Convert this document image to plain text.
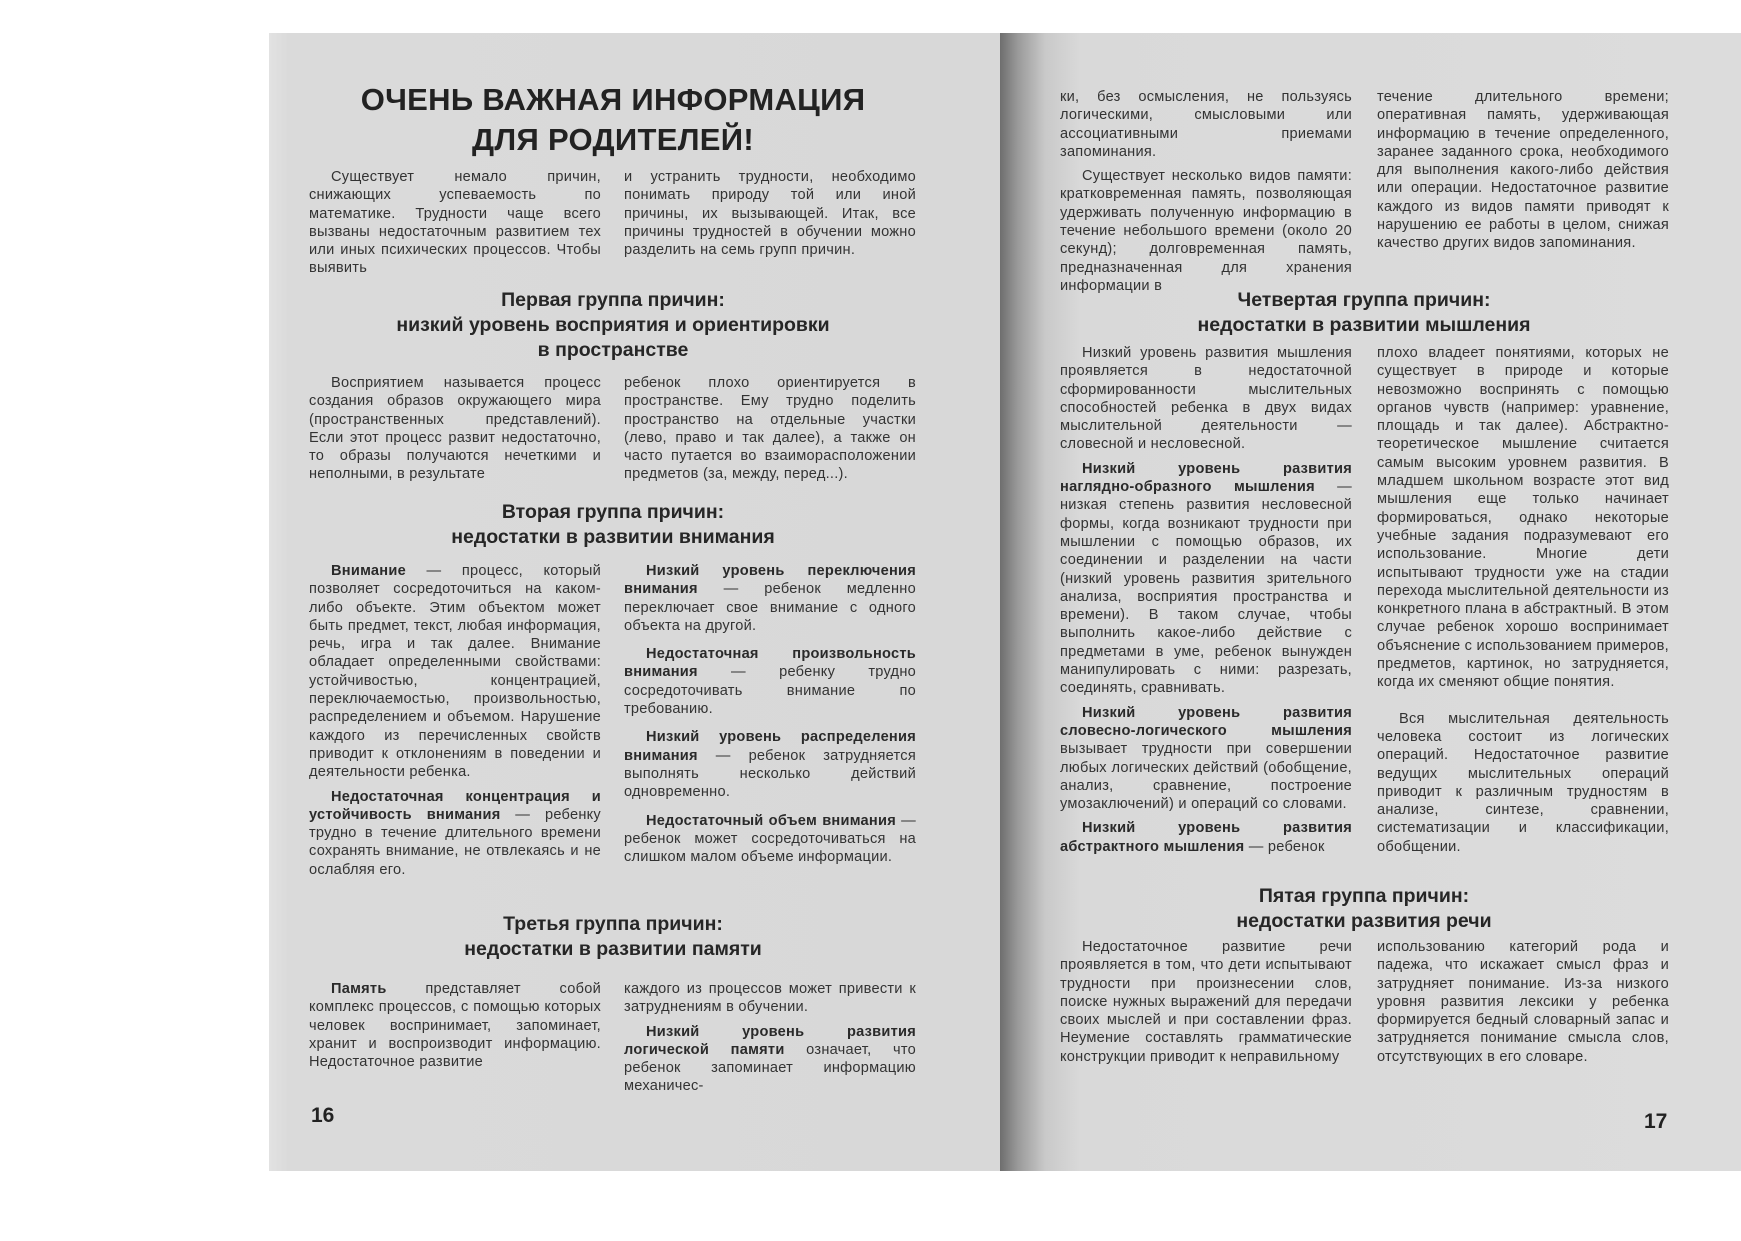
ОЧЕНЬ ВАЖНАЯ ИНФОРМАЦИЯ
ДЛЯ РОДИТЕЛЕЙ!

Существует немало причин, снижающих успеваемость по математике. Трудности чаще всего вызваны недостаточным развитием тех или иных психических процессов. Чтобы выявить

и устранить трудности, необходимо понимать природу той или иной причины, их вызывающей. Итак, все причины трудностей в обучении можно разделить на семь групп причин.

Первая группа причин:
низкий уровень восприятия и ориентировки
в пространстве

Восприятием называется процесс создания образов окружающего мира (пространственных представлений). Если этот процесс развит недостаточно, то образы получаются нечеткими и неполными, в результате

ребенок плохо ориентируется в пространстве. Ему трудно поделить пространство на отдельные участки (лево, право и так далее), а также он часто путается во взаиморасположении предметов (за, между, перед...).

Вторая группа причин:
недостатки в развитии внимания

Внимание — процесс, который позволяет сосредоточиться на каком-либо объекте. Этим объектом может быть предмет, текст, любая информация, речь, игра и так далее. Внимание обладает определенными свойствами: устойчивостью, концентрацией, переключаемостью, произвольностью, распределением и объемом. Нарушение каждого из перечисленных свойств приводит к отклонениям в поведении и деятельности ребенка.

Недостаточная концентрация и устойчивость внимания — ребенку трудно в течение длительного времени сохранять внимание, не отвлекаясь и не ослабляя его.

Низкий уровень переключения внимания — ребенок медленно переключает свое внимание с одного объекта на другой.

Недостаточная произвольность внимания — ребенку трудно сосредоточивать внимание по требованию.

Низкий уровень распределения внимания — ребенок затрудняется выполнять несколько действий одновременно.

Недостаточный объем внимания — ребенок может сосредоточиваться на слишком малом объеме информации.

Третья группа причин:
недостатки в развитии памяти

Память представляет собой комплекс процессов, с помощью которых человек воспринимает, запоминает, хранит и воспроизводит информацию. Недостаточное развитие

каждого из процессов может привести к затруднениям в обучении.

Низкий уровень развития логической памяти означает, что ребенок запоминает информацию механичес-

16

ки, без осмысления, не пользуясь логическими, смысловыми или ассоциативными приемами запоминания.

Существует несколько видов памяти: кратковременная память, позволяющая удерживать полученную информацию в течение небольшого времени (около 20 секунд); долговременная память, предназначенная для хранения информации в

течение длительного времени; оперативная память, удерживающая информацию в течение определенного, заранее заданного срока, необходимого для выполнения какого-либо действия или операции. Недостаточное развитие каждого из видов памяти приводят к нарушению ее работы в целом, снижая качество других видов запоминания.

Четвертая группа причин:
недостатки в развитии мышления

Низкий уровень развития мышления проявляется в недостаточной сформированности мыслительных способностей ребенка в двух видах мыслительной деятельности — словесной и несловесной.

Низкий уровень развития наглядно-образного мышления — низкая степень развития несловесной формы, когда возникают трудности при мышлении с помощью образов, их соединении и разделении на части (низкий уровень развития зрительного анализа, восприятия пространства и времени). В таком случае, чтобы выполнить какое-либо действие с предметами в уме, ребенок вынужден манипулировать с ними: разрезать, соединять, сравнивать.

Низкий уровень развития словесно-логического мышления вызывает трудности при совершении любых логических действий (обобщение, анализ, сравнение, построение умозаключений) и операций со словами.

Низкий уровень развития абстрактного мышления — ребенок

плохо владеет понятиями, которых не существует в природе и которые невозможно воспринять с помощью органов чувств (например: уравнение, площадь и так далее). Абстрактно-теоретическое мышление считается самым высоким уровнем развития. В младшем школьном возрасте этот вид мышления еще только начинает формироваться, однако некоторые учебные задания подразумевают его использование. Многие дети испытывают трудности уже на стадии перехода мыслительной деятельности из конкретного плана в абстрактный. В этом случае ребенок хорошо воспринимает объяснение с использованием примеров, предметов, картинок, но затрудняется, когда их сменяют общие понятия.

Вся мыслительная деятельность человека состоит из логических операций. Недостаточное развитие ведущих мыслительных операций приводит к различным трудностям в анализе, синтезе, сравнении, систематизации и классификации, обобщении.

Пятая группа причин:
недостатки развития речи

Недостаточное развитие речи проявляется в том, что дети испытывают трудности при произнесении слов, поиске нужных выражений для передачи своих мыслей и при составлении фраз. Неумение составлять грамматические конструкции приводит к неправильному

использованию категорий рода и падежа, что искажает смысл фраз и затрудняет понимание. Из-за низкого уровня развития лексики у ребенка формируется бедный словарный запас и затрудняется понимание смысла слов, отсутствующих в его словаре.

17
